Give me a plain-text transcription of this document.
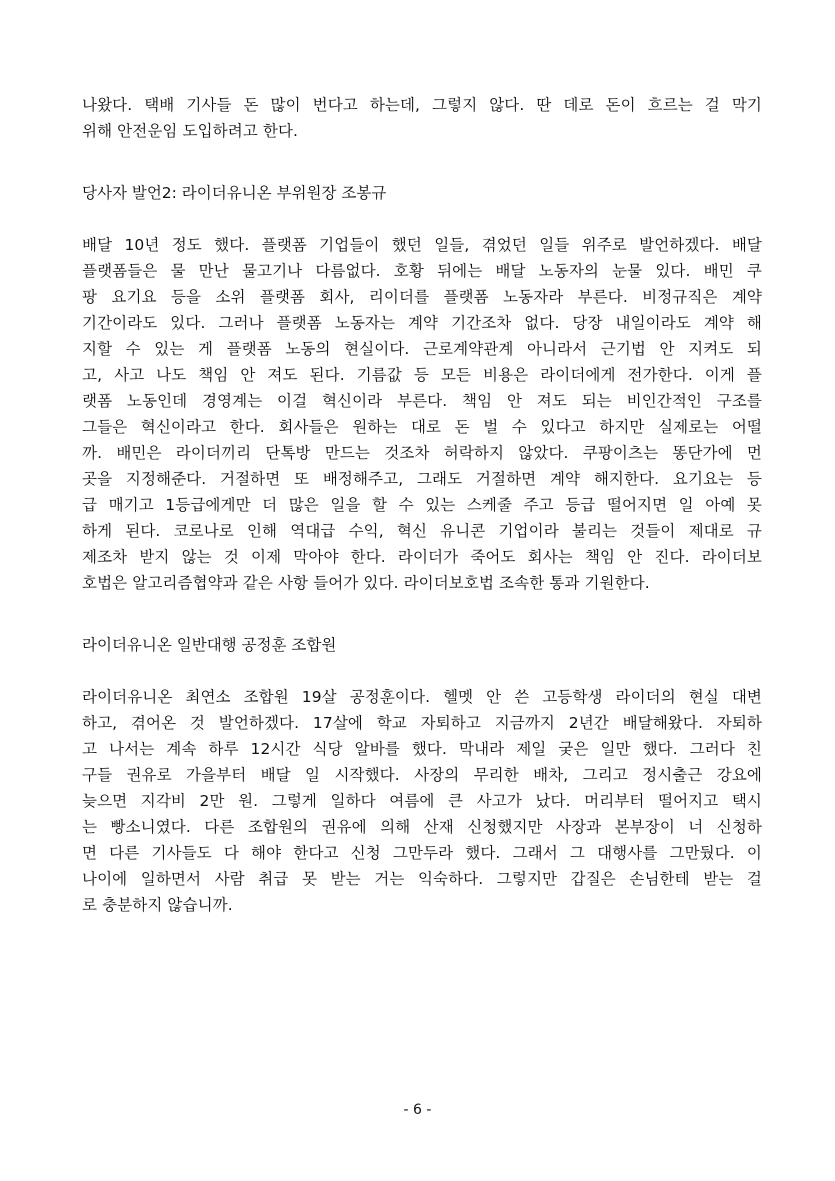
나왔다. 택배 기사들 돈 많이 번다고 하는데, 그렇지 않다. 딴 데로 돈이 흐르는 걸 막기
위해 안전운임 도입하려고 한다.
당사자 발언2: 라이더유니온 부위원장 조봉규
배달 10년 정도 했다. 플랫폼 기업들이 했던 일들, 겪었던 일들 위주로 발언하겠다. 배달
플랫폼들은 물 만난 물고기나 다름없다. 호황 뒤에는 배달 노동자의 눈물 있다. 배민 쿠
팡 요기요 등을 소위 플랫폼 회사, 리이더를 플랫폼 노동자라 부른다. 비정규직은 계약
기간이라도 있다. 그러나 플랫폼 노동자는 계약 기간조차 없다. 당장 내일이라도 계약 해
지할 수 있는 게 플랫폼 노동의 현실이다. 근로계약관계 아니라서 근기법 안 지켜도 되
고, 사고 나도 책임 안 져도 된다. 기름값 등 모든 비용은 라이더에게 전가한다. 이게 플
랫폼 노동인데 경영계는 이걸 혁신이라 부른다. 책임 안 져도 되는 비인간적인 구조를
그들은 혁신이라고 한다. 회사들은 원하는 대로 돈 벌 수 있다고 하지만 실제로는 어떨
까. 배민은 라이더끼리 단톡방 만드는 것조차 허락하지 않았다. 쿠팡이츠는 똥단가에 먼
곳을 지정해준다. 거절하면 또 배정해주고, 그래도 거절하면 계약 해지한다. 요기요는 등
급 매기고 1등급에게만 더 많은 일을 할 수 있는 스케줄 주고 등급 떨어지면 일 아예 못
하게 된다. 코로나로 인해 역대급 수익, 혁신 유니콘 기업이라 불리는 것들이 제대로 규
제조차 받지 않는 것 이제 막아야 한다. 라이더가 죽어도 회사는 책임 안 진다. 라이더보
호법은 알고리즘협약과 같은 사항 들어가 있다. 라이더보호법 조속한 통과 기원한다.
라이더유니온 일반대행 공정훈 조합원
라이더유니온 최연소 조합원 19살 공정훈이다. 헬멧 안 쓴 고등학생 라이더의 현실 대변
하고, 겪어온 것 발언하겠다. 17살에 학교 자퇴하고 지금까지 2년간 배달해왔다. 자퇴하
고 나서는 계속 하루 12시간 식당 알바를 했다. 막내라 제일 궂은 일만 했다. 그러다 친
구들 권유로 가을부터 배달 일 시작했다. 사장의 무리한 배차, 그리고 정시출근 강요에
늦으면 지각비 2만 원. 그렇게 일하다 여름에 큰 사고가 났다. 머리부터 떨어지고 택시
는 빵소니였다. 다른 조합원의 권유에 의해 산재 신청했지만 사장과 본부장이 너 신청하
면 다른 기사들도 다 해야 한다고 신청 그만두라 했다. 그래서 그 대행사를 그만뒀다. 이
나이에 일하면서 사람 취급 못 받는 거는 익숙하다. 그렇지만 갑질은 손님한테 받는 걸
로 충분하지 않습니까.
- 6 -
